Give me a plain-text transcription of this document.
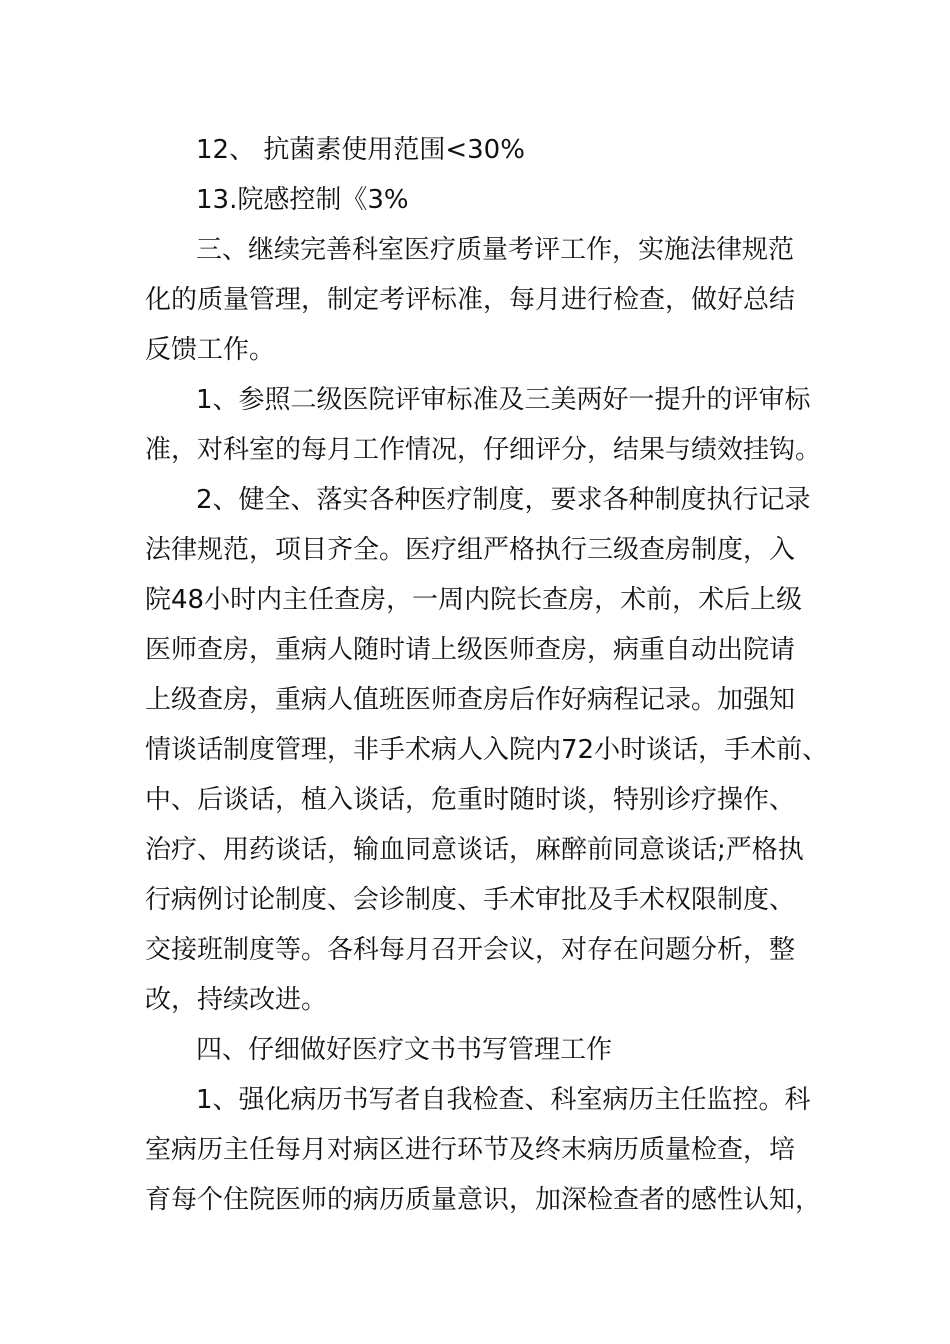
12、 抗菌素使用范围<30%
13.院感控制《3%
三、继续完善科室医疗质量考评工作，实施法律规范
化的质量管理，制定考评标准，每月进行检查，做好总结
反馈工作。
1、参照二级医院评审标准及三美两好一提升的评审标
准，对科室的每月工作情况，仔细评分，结果与绩效挂钩。
2、健全、落实各种医疗制度，要求各种制度执行记录
法律规范，项目齐全。医疗组严格执行三级查房制度，入
院48小时内主任查房，一周内院长查房，术前，术后上级
医师查房，重病人随时请上级医师查房，病重自动出院请
上级查房，重病人值班医师查房后作好病程记录。加强知
情谈话制度管理，非手术病人入院内72小时谈话，手术前、
中、后谈话，植入谈话，危重时随时谈，特别诊疗操作、
治疗、用药谈话，输血同意谈话，麻醉前同意谈话;严格执
行病例讨论制度、会诊制度、手术审批及手术权限制度、
交接班制度等。各科每月召开会议，对存在问题分析，整
改，持续改进。
四、仔细做好医疗文书书写管理工作
1、强化病历书写者自我检查、科室病历主任监控。科
室病历主任每月对病区进行环节及终末病历质量检查，培
育每个住院医师的病历质量意识，加深检查者的感性认知，
